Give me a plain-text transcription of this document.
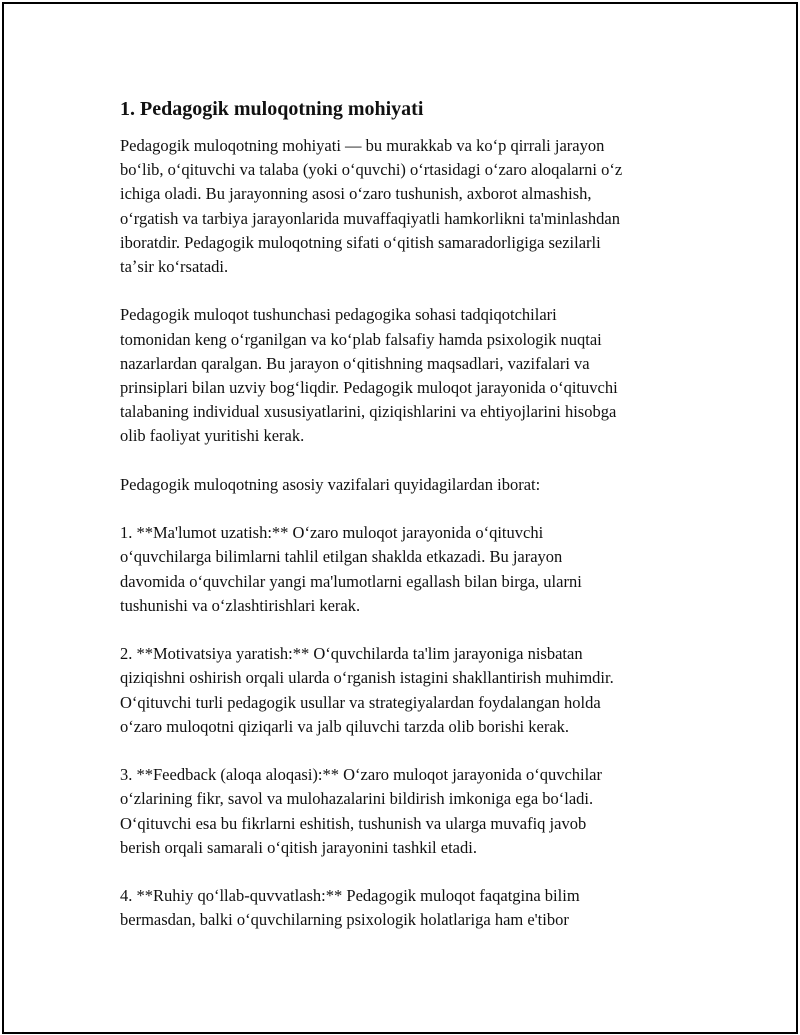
1. Pedagogik muloqotning mohiyati

Pedagogik muloqotning mohiyati — bu murakkab va koʻp qirrali jarayon
boʻlib, oʻqituvchi va talaba (yoki oʻquvchi) oʻrtasidagi oʻzaro aloqalarni oʻz
ichiga oladi. Bu jarayonning asosi oʻzaro tushunish, axborot almashish,
oʻrgatish va tarbiya jarayonlarida muvaffaqiyatli hamkorlikni ta'minlashdan
iboratdir. Pedagogik muloqotning sifati oʻqitish samaradorligiga sezilarli
taʼsir koʻrsatadi.

Pedagogik muloqot tushunchasi pedagogika sohasi tadqiqotchilari
tomonidan keng oʻrganilgan va koʻplab falsafiy hamda psixologik nuqtai
nazarlardan qaralgan. Bu jarayon oʻqitishning maqsadlari, vazifalari va
prinsiplari bilan uzviy bogʻliqdir. Pedagogik muloqot jarayonida oʻqituvchi
talabaning individual xususiyatlarini, qiziqishlarini va ehtiyojlarini hisobga
olib faoliyat yuritishi kerak.

Pedagogik muloqotning asosiy vazifalari quyidagilardan iborat:

1. **Ma'lumot uzatish:** Oʻzaro muloqot jarayonida oʻqituvchi
oʻquvchilarga bilimlarni tahlil etilgan shaklda etkazadi. Bu jarayon
davomida oʻquvchilar yangi ma'lumotlarni egallash bilan birga, ularni
tushunishi va oʻzlashtirishlari kerak.

2. **Motivatsiya yaratish:** Oʻquvchilarda ta'lim jarayoniga nisbatan
qiziqishni oshirish orqali ularda oʻrganish istagini shakllantirish muhimdir.
Oʻqituvchi turli pedagogik usullar va strategiyalardan foydalangan holda
oʻzaro muloqotni qiziqarli va jalb qiluvchi tarzda olib borishi kerak.

3. **Feedback (aloqa aloqasi):** Oʻzaro muloqot jarayonida oʻquvchilar
oʻzlarining fikr, savol va mulohazalarini bildirish imkoniga ega boʻladi.
Oʻqituvchi esa bu fikrlarni eshitish, tushunish va ularga muvafiq javob
berish orqali samarali oʻqitish jarayonini tashkil etadi.

4. **Ruhiy qoʻllab-quvvatlash:** Pedagogik muloqot faqatgina bilim
bermasdan, balki oʻquvchilarning psixologik holatlariga ham e'tibor
